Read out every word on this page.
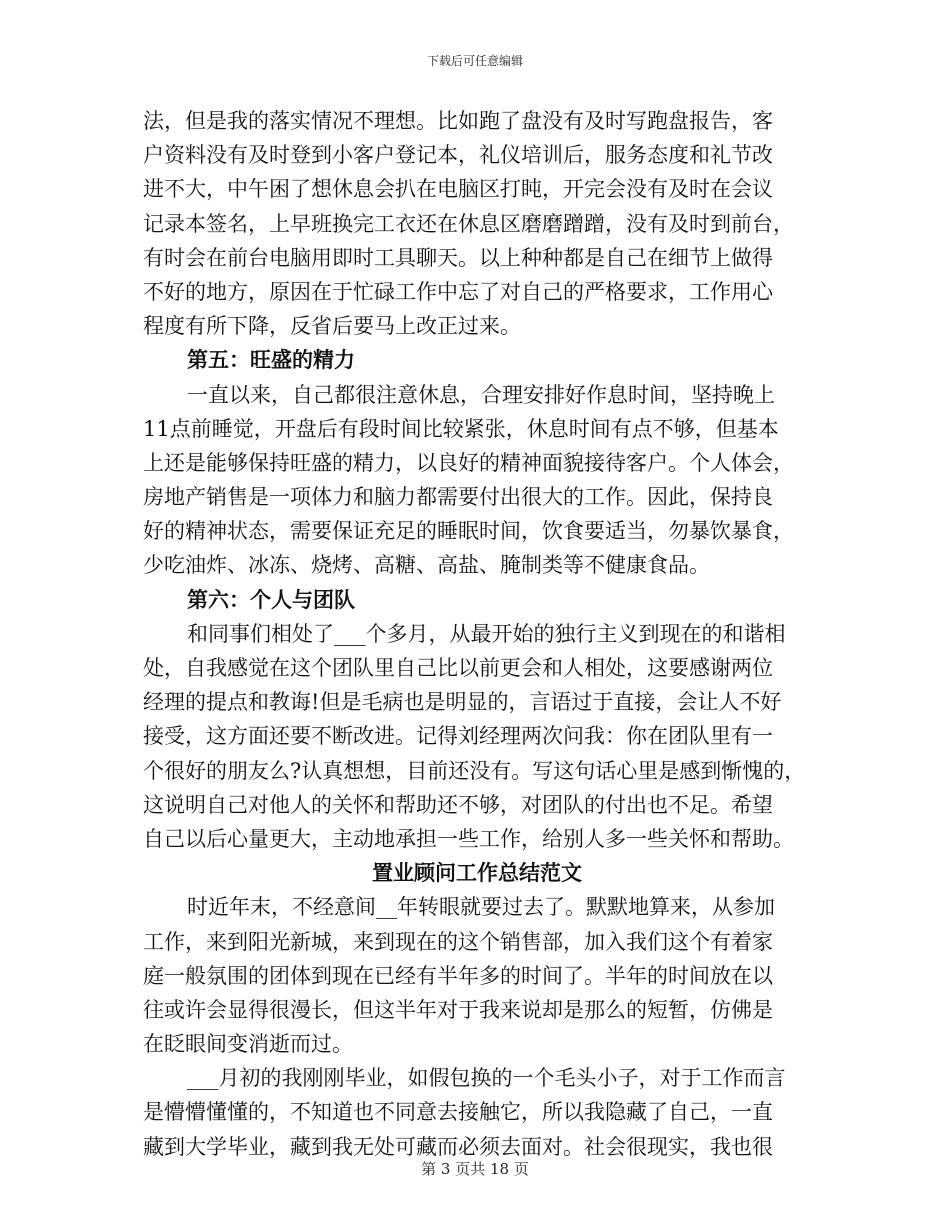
下载后可任意编辑
法，但是我的落实情况不理想。比如跑了盘没有及时写跑盘报告，客
户资料没有及时登到小客户登记本，礼仪培训后，服务态度和礼节改
进不大，中午困了想休息会扒在电脑区打盹，开完会没有及时在会议
记录本签名，上早班换完工衣还在休息区磨磨蹭蹭，没有及时到前台，
有时会在前台电脑用即时工具聊天。以上种种都是自己在细节上做得
不好的地方，原因在于忙碌工作中忘了对自己的严格要求，工作用心
程度有所下降，反省后要马上改正过来。
第五：旺盛的精力
一直以来，自己都很注意休息，合理安排好作息时间，坚持晚上
11点前睡觉，开盘后有段时间比较紧张，休息时间有点不够，但基本
上还是能够保持旺盛的精力，以良好的精神面貌接待客户。个人体会，
房地产销售是一项体力和脑力都需要付出很大的工作。因此，保持良
好的精神状态，需要保证充足的睡眠时间，饮食要适当，勿暴饮暴食，
少吃油炸、冰冻、烧烤、高糖、高盐、腌制类等不健康食品。
第六：个人与团队
和同事们相处了___个多月，从最开始的独行主义到现在的和谐相
处，自我感觉在这个团队里自己比以前更会和人相处，这要感谢两位
经理的提点和教诲!但是毛病也是明显的，言语过于直接，会让人不好
接受，这方面还要不断改进。记得刘经理两次问我：你在团队里有一
个很好的朋友么?认真想想，目前还没有。写这句话心里是感到惭愧的，
这说明自己对他人的关怀和帮助还不够，对团队的付出也不足。希望
自己以后心量更大，主动地承担一些工作，给别人多一些关怀和帮助。
置业顾问工作总结范文
时近年末，不经意间__年转眼就要过去了。默默地算来，从参加
工作，来到阳光新城，来到现在的这个销售部，加入我们这个有着家
庭一般氛围的团体到现在已经有半年多的时间了。半年的时间放在以
往或许会显得很漫长，但这半年对于我来说却是那么的短暂，仿佛是
在眨眼间变消逝而过。
___月初的我刚刚毕业，如假包换的一个毛头小子，对于工作而言
是懵懵懂懂的，不知道也不同意去接触它，所以我隐藏了自己，一直
藏到大学毕业，藏到我无处可藏而必须去面对。社会很现实，我也很
第 3 页共 18 页
